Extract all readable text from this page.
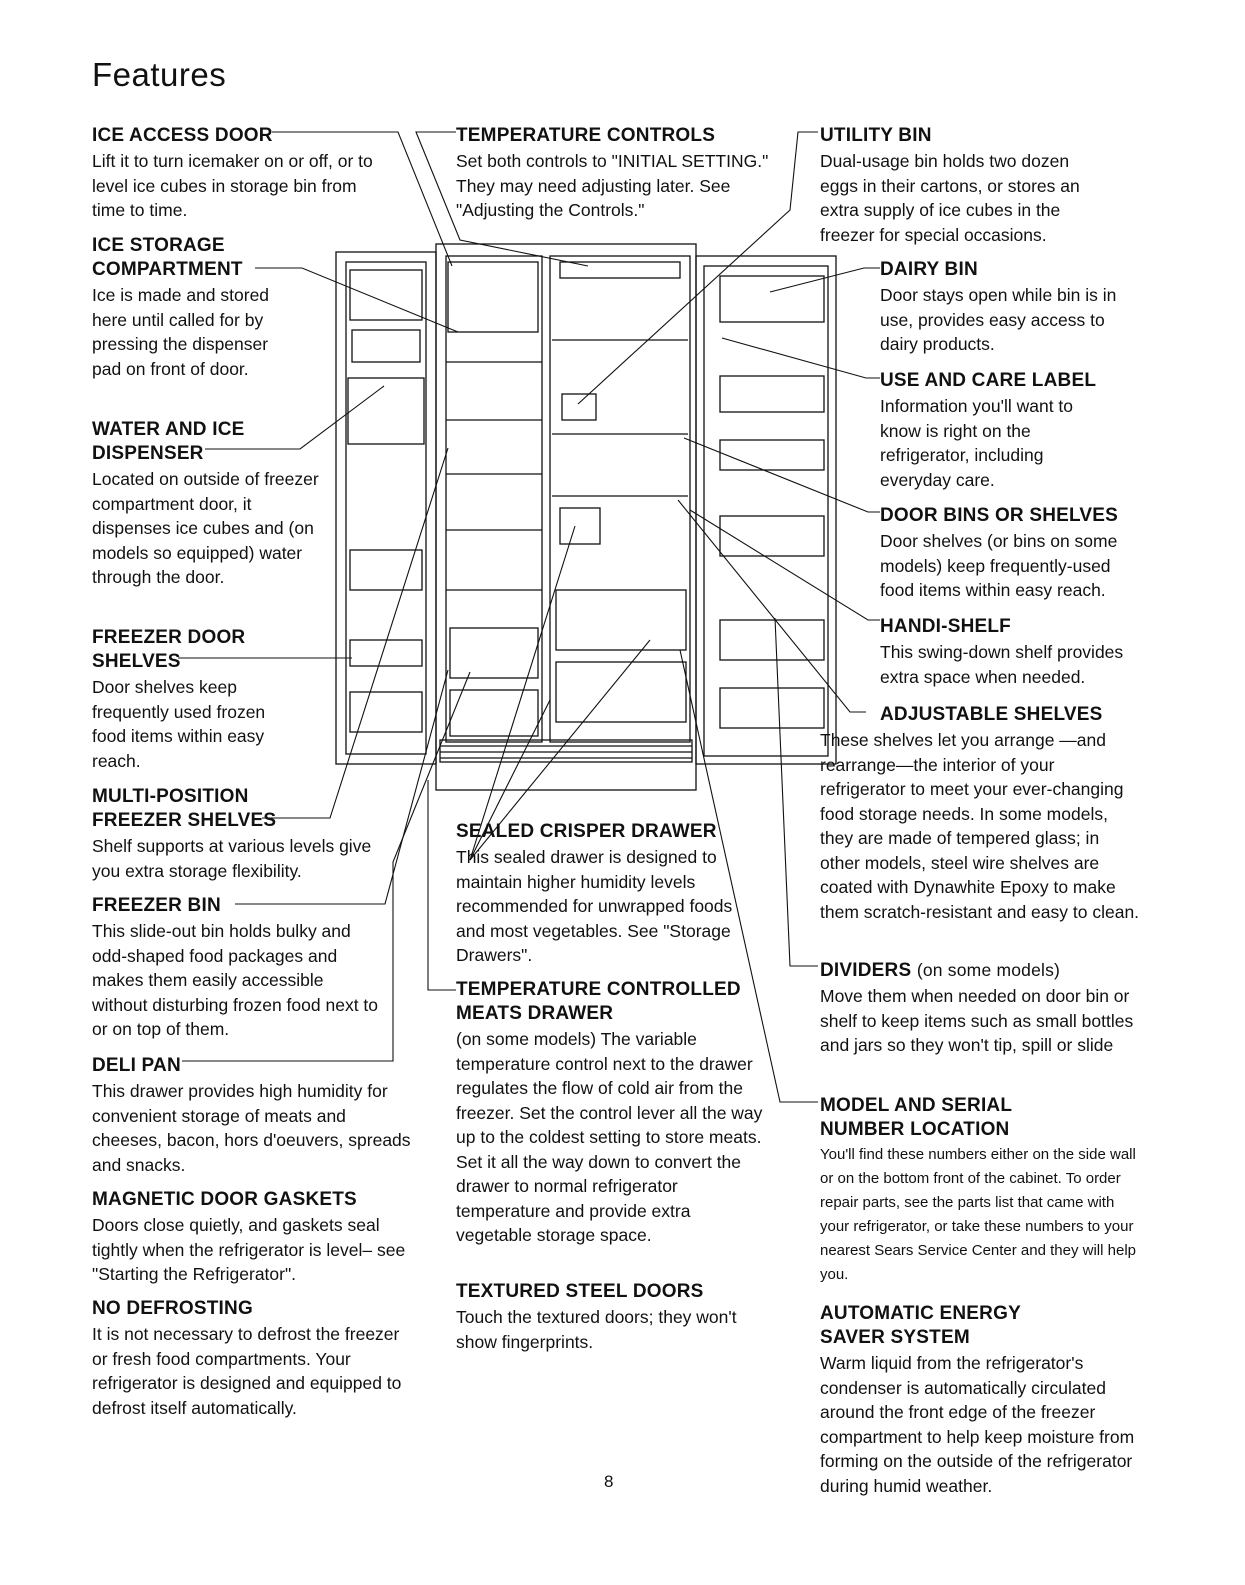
Features
ICE ACCESS DOOR

Lift it to turn icemaker on or off, or to level ice cubes in storage bin from time to time.

ICE STORAGE COMPARTMENT

Ice is made and stored here until called for by pressing the dispenser pad on front of door.

WATER AND ICE DISPENSER

Located on outside of freezer compartment door, it dispenses ice cubes and (on models so equipped) water through the door.

FREEZER DOOR SHELVES

Door shelves keep frequently used frozen food items within easy reach.

MULTI-POSITION FREEZER SHELVES

Shelf supports at various levels give you extra storage flexibility.

FREEZER BIN

This slide-out bin holds bulky and odd-shaped food packages and makes them easily accessible without disturbing frozen food next to or on top of them.

DELI PAN

This drawer provides high humidity for convenient storage of meats and cheeses, bacon, hors d'oeuvers, spreads and snacks.

MAGNETIC DOOR GASKETS

Doors close quietly, and gaskets seal tightly when the refrigerator is level– see "Starting the Refrigerator".

NO DEFROSTING

It is not necessary to defrost the freezer or fresh food compartments. Your refrigerator is designed and equipped to defrost itself automatically.

TEMPERATURE CONTROLS

Set both controls to "INITIAL SETTING." They may need adjusting later. See "Adjusting the Controls."

SEALED CRISPER DRAWER

This sealed drawer is designed to maintain higher humidity levels recommended for unwrapped foods and most vegetables. See "Storage Drawers".

TEMPERATURE CONTROLLED MEATS DRAWER

(on some models) The variable temperature control next to the drawer regulates the flow of cold air from the freezer. Set the control lever all the way up to the coldest setting to store meats. Set it all the way down to convert the drawer to normal refrigerator temperature and provide extra vegetable storage space.

TEXTURED STEEL DOORS

Touch the textured doors; they won't show fingerprints.

UTILITY BIN

Dual-usage bin holds two dozen eggs in their cartons, or stores an extra supply of ice cubes in the freezer for special occasions.

DAIRY BIN

Door stays open while bin is in use, provides easy access to dairy products.

USE AND CARE LABEL

Information you'll want to know is right on the refrigerator, including everyday care.

DOOR BINS OR SHELVES

Door shelves (or bins on some models) keep frequently-used food items within easy reach.

HANDI-SHELF

This swing-down shelf provides extra space when needed.

ADJUSTABLE SHELVES

These shelves let you arrange —and rearrange—the interior of your refrigerator to meet your ever-changing food storage needs. In some models, they are made of tempered glass; in other models, steel wire shelves are coated with Dynawhite Epoxy to make them scratch-resistant and easy to clean.

DIVIDERS (on some models)

Move them when needed on door bin or shelf to keep items such as small bottles and jars so they won't tip, spill or slide

MODEL AND SERIAL NUMBER LOCATION

You'll find these numbers either on the side wall or on the bottom front of the cabinet. To order repair parts, see the parts list that came with your refrigerator, or take these numbers to your nearest Sears Service Center and they will help you.

AUTOMATIC ENERGY SAVER SYSTEM

Warm liquid from the refrigerator's condenser is automatically circulated around the front edge of the freezer compartment to help keep moisture from forming on the outside of the refrigerator during humid weather.

8
